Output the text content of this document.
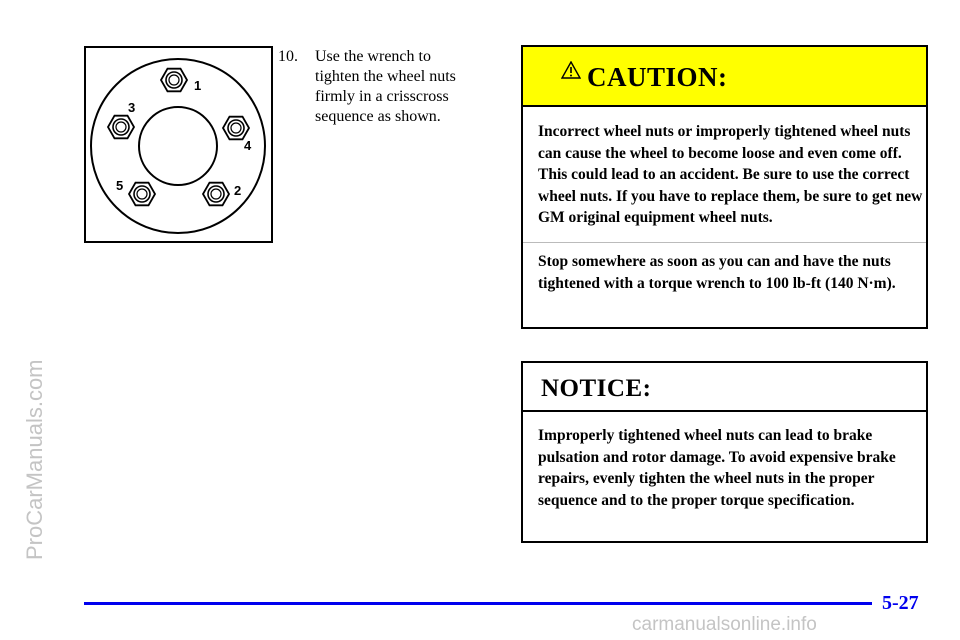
ProCarManuals.com
1
2
3
4
5
10. Use the wrench to tighten the wheel nuts firmly in a crisscross sequence as shown.
CAUTION:

Incorrect wheel nuts or improperly tightened wheel nuts can cause the wheel to become loose and even come off. This could lead to an accident. Be sure to use the correct wheel nuts. If you have to replace them, be sure to get new GM original equipment wheel nuts.

Stop somewhere as soon as you can and have the nuts tightened with a torque wrench to 100 lb-ft (140 N·m).

NOTICE:

Improperly tightened wheel nuts can lead to brake pulsation and rotor damage. To avoid expensive brake repairs, evenly tighten the wheel nuts in the proper sequence and to the proper torque specification.

5-27
carmanualsonline.info
